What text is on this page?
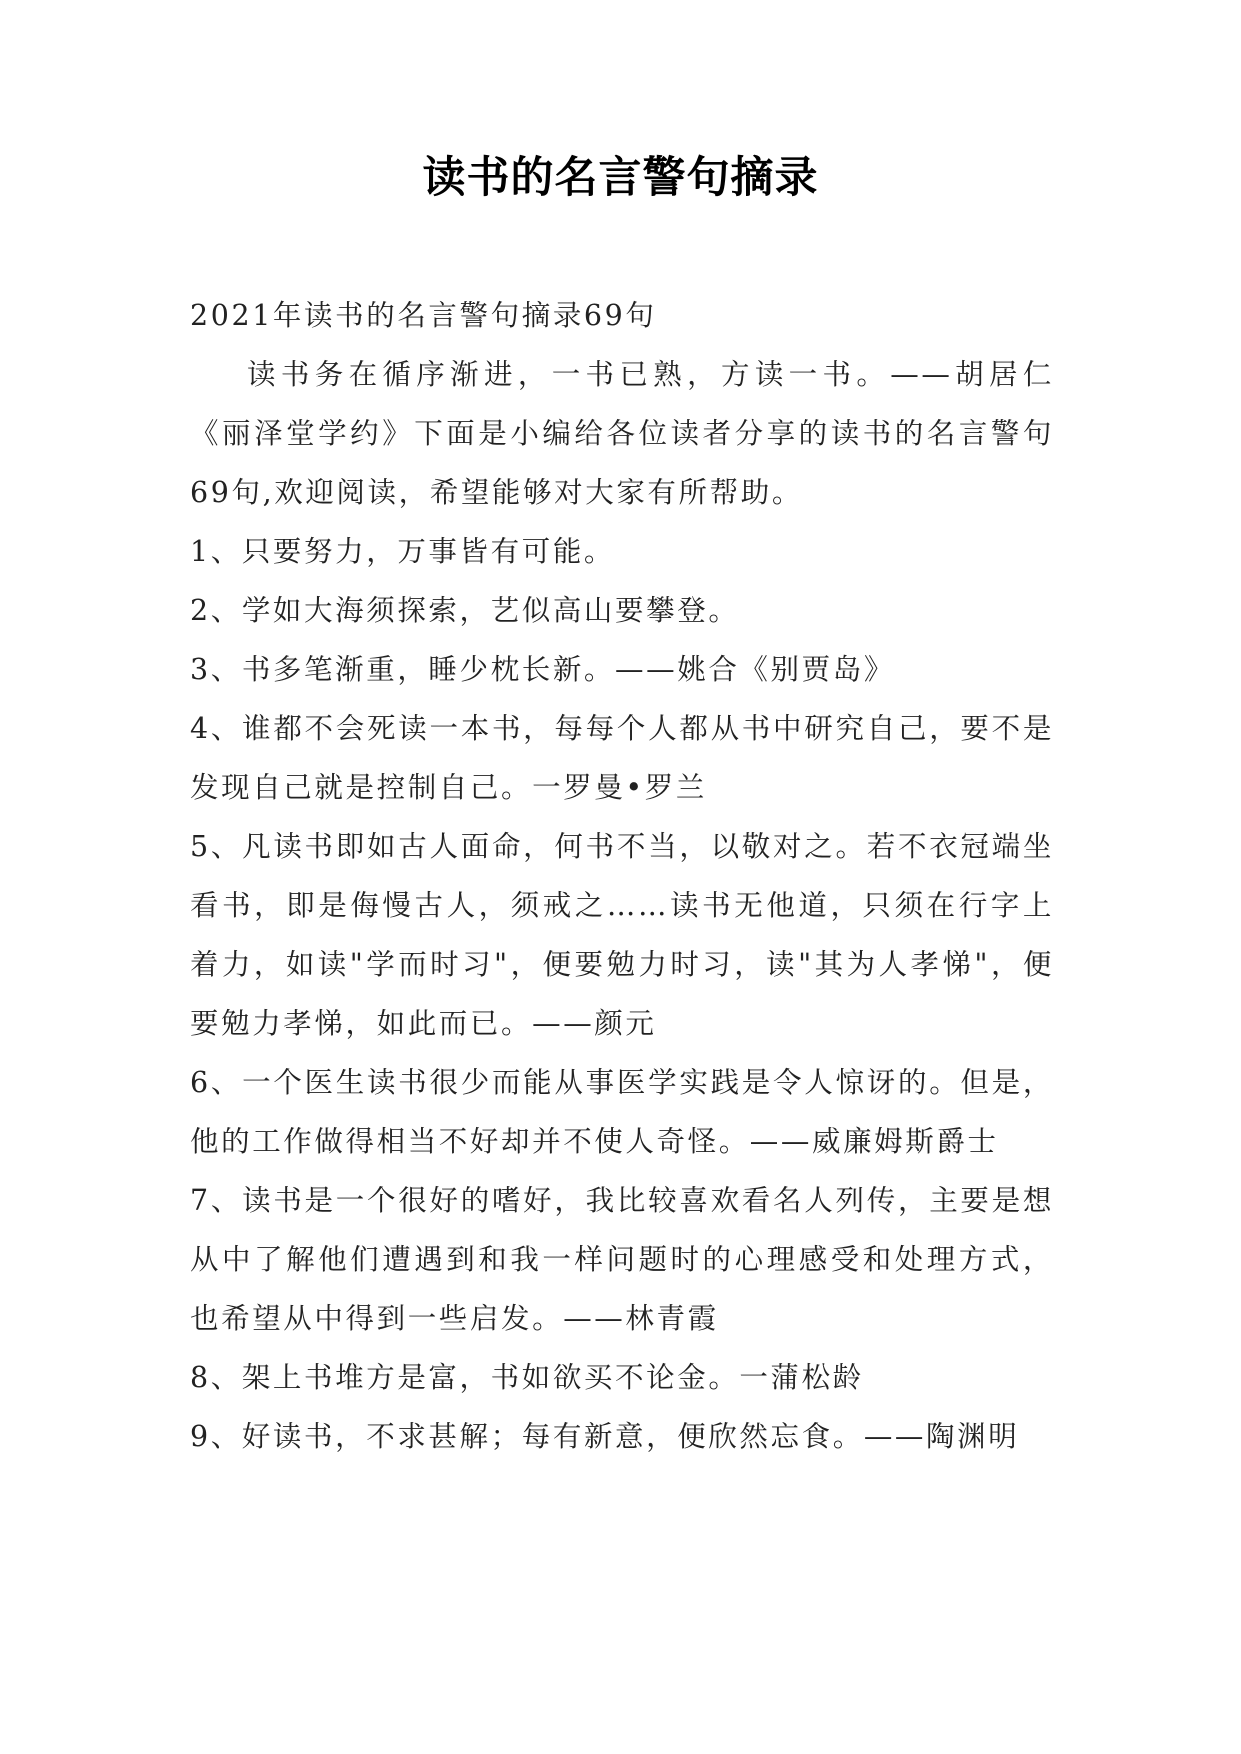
读书的名言警句摘录

2021年读书的名言警句摘录69句

读书务在循序渐进，一书已熟，方读一书。——胡居仁《丽泽堂学约》下面是小编给各位读者分享的读书的名言警句69句,欢迎阅读，希望能够对大家有所帮助。

1、只要努力，万事皆有可能。

2、学如大海须探索，艺似高山要攀登。

3、书多笔渐重，睡少枕长新。——姚合《别贾岛》

4、谁都不会死读一本书，每每个人都从书中研究自己，要不是发现自己就是控制自己。一罗曼•罗兰

5、凡读书即如古人面命，何书不当，以敬对之。若不衣冠端坐看书，即是侮慢古人，须戒之……读书无他道，只须在行字上着力，如读"学而时习"，便要勉力时习，读"其为人孝悌"，便要勉力孝悌，如此而已。——颜元

6、一个医生读书很少而能从事医学实践是令人惊讶的。但是，他的工作做得相当不好却并不使人奇怪。——威廉姆斯爵士

7、读书是一个很好的嗜好，我比较喜欢看名人列传，主要是想从中了解他们遭遇到和我一样问题时的心理感受和处理方式，也希望从中得到一些启发。——林青霞

8、架上书堆方是富，书如欲买不论金。一蒲松龄

9、好读书，不求甚解；每有新意，便欣然忘食。——陶渊明
